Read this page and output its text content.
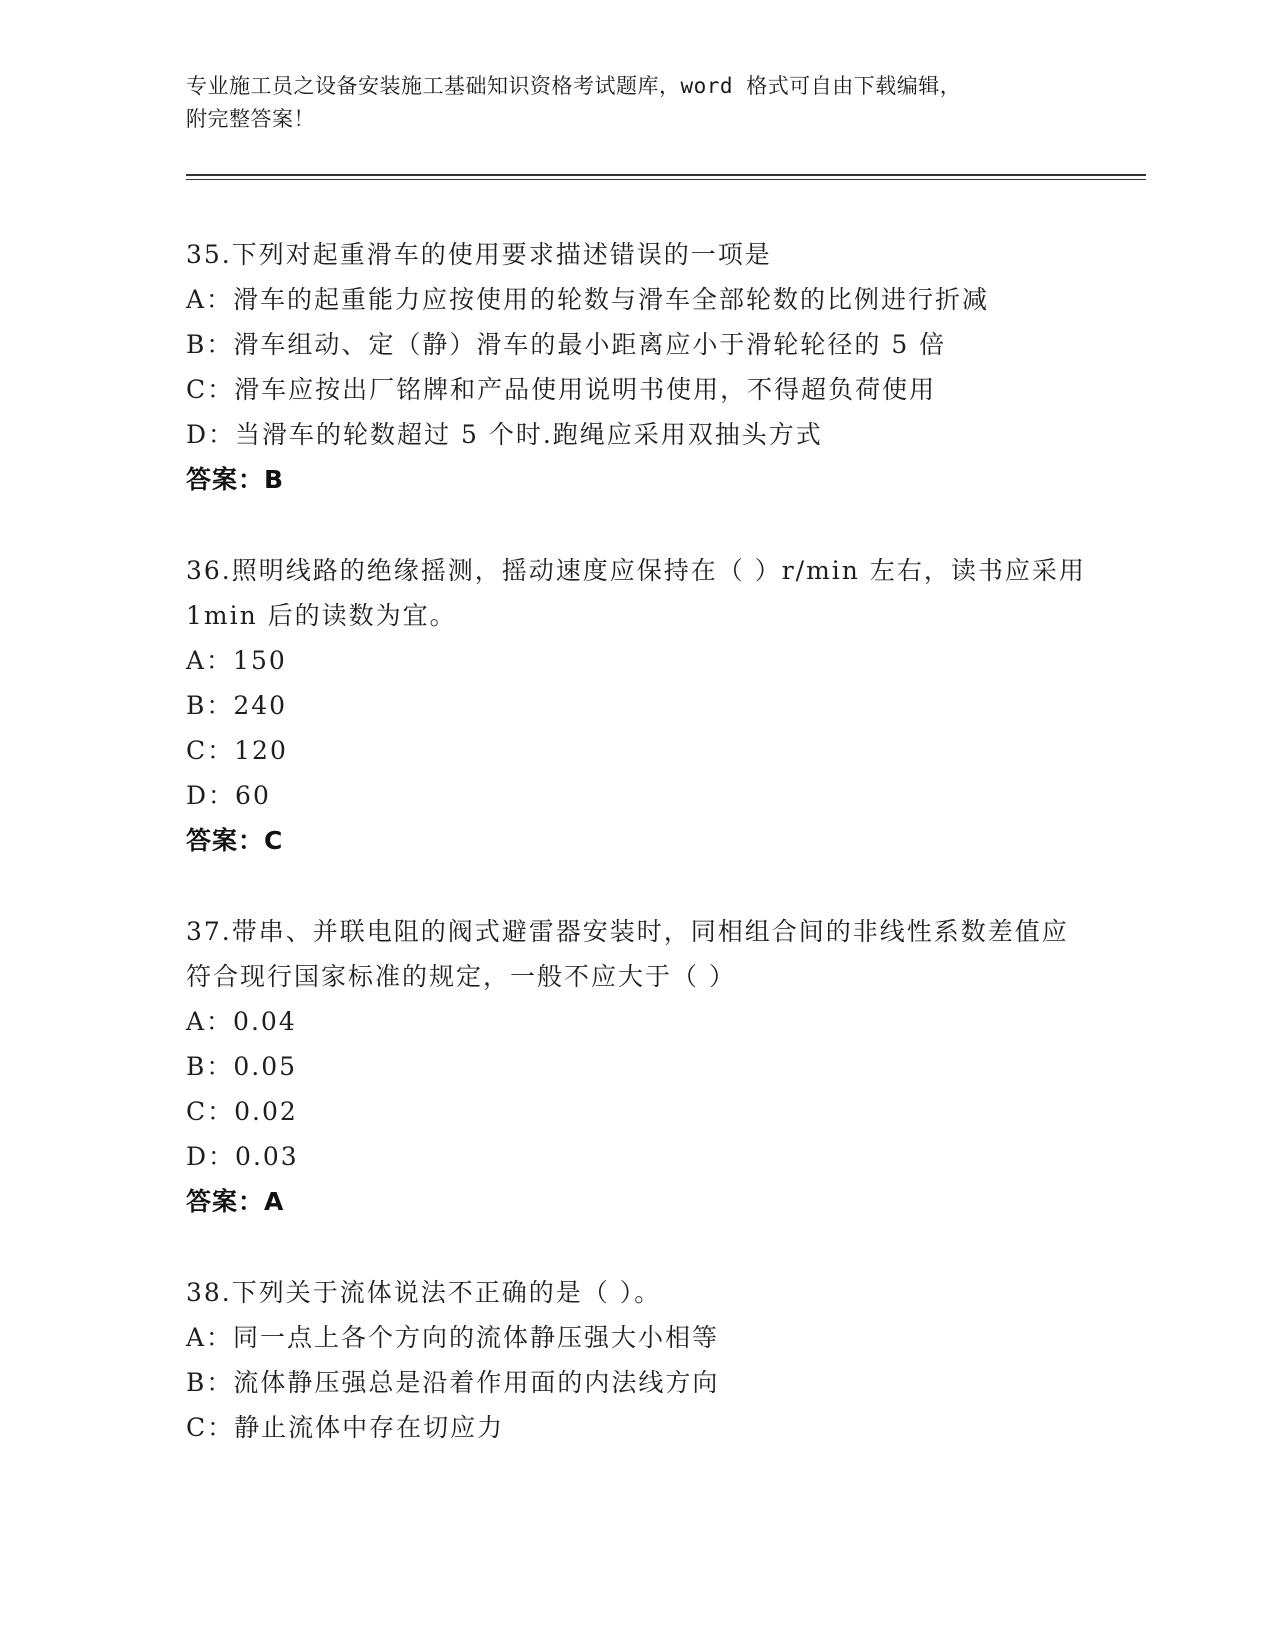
专业施工员之设备安装施工基础知识资格考试题库，word 格式可自由下载编辑，
附完整答案！
35.下列对起重滑车的使用要求描述错误的一项是
A：滑车的起重能力应按使用的轮数与滑车全部轮数的比例进行折减
B：滑车组动、定（静）滑车的最小距离应小于滑轮轮径的 5 倍
C：滑车应按出厂铭牌和产品使用说明书使用，不得超负荷使用
D：当滑车的轮数超过 5 个时.跑绳应采用双抽头方式
答案：B
36.照明线路的绝缘摇测，摇动速度应保持在（ ）r/min 左右，读书应采用 1min 后的读数为宜。
A：150
B：240
C：120
D：60
答案：C
37.带串、并联电阻的阀式避雷器安装时，同相组合间的非线性系数差值应符合现行国家标准的规定，一般不应大于（ ）
A：0.04
B：0.05
C：0.02
D：0.03
答案：A
38.下列关于流体说法不正确的是（ ）。
A：同一点上各个方向的流体静压强大小相等
B：流体静压强总是沿着作用面的内法线方向
C：静止流体中存在切应力
